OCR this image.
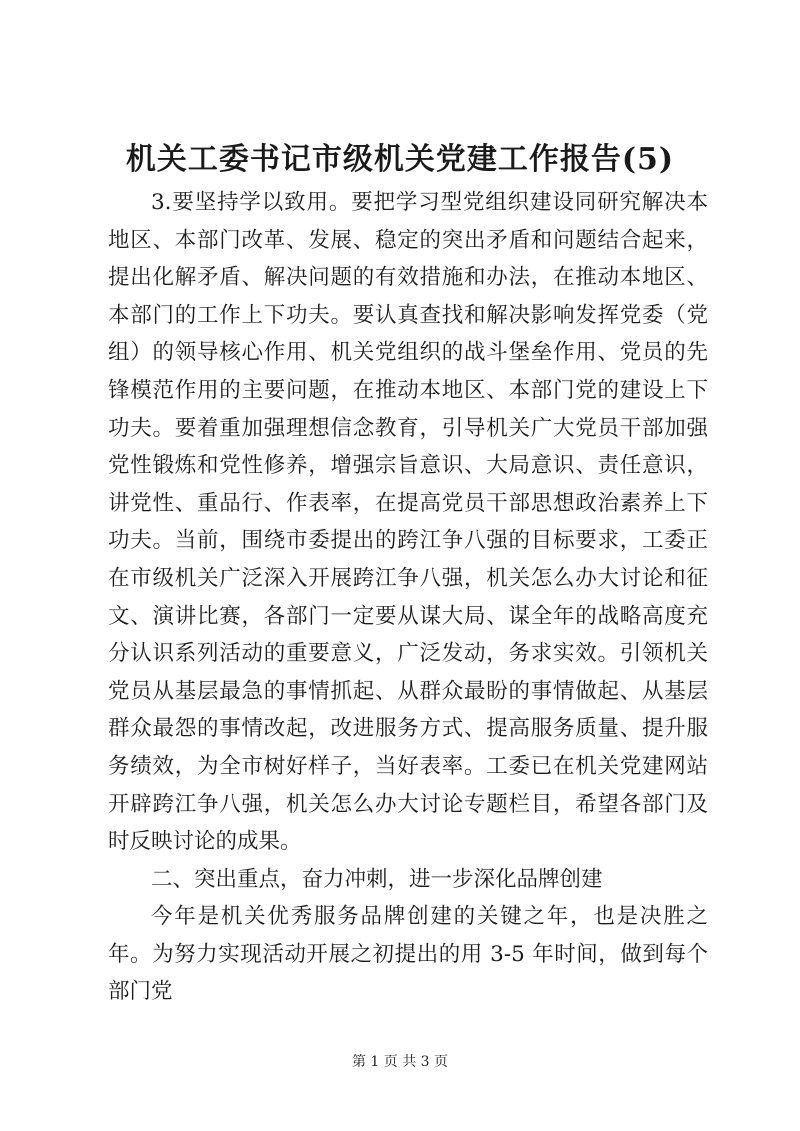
机关工委书记市级机关党建工作报告(5)

3.要坚持学以致用。要把学习型党组织建设同研究解决本地区、本部门改革、发展、稳定的突出矛盾和问题结合起来，提出化解矛盾、解决问题的有效措施和办法，在推动本地区、本部门的工作上下功夫。要认真查找和解决影响发挥党委（党组）的领导核心作用、机关党组织的战斗堡垒作用、党员的先锋模范作用的主要问题，在推动本地区、本部门党的建设上下功夫。要着重加强理想信念教育，引导机关广大党员干部加强党性锻炼和党性修养，增强宗旨意识、大局意识、责任意识，讲党性、重品行、作表率，在提高党员干部思想政治素养上下功夫。当前，围绕市委提出的跨江争八强的目标要求，工委正在市级机关广泛深入开展跨江争八强，机关怎么办大讨论和征文、演讲比赛，各部门一定要从谋大局、谋全年的战略高度充分认识系列活动的重要意义，广泛发动，务求实效。引领机关党员从基层最急的事情抓起、从群众最盼的事情做起、从基层群众最怨的事情改起，改进服务方式、提高服务质量、提升服务绩效，为全市树好样子，当好表率。工委已在机关党建网站开辟跨江争八强，机关怎么办大讨论专题栏目，希望各部门及时反映讨论的成果。

二、突出重点，奋力冲刺，进一步深化品牌创建

今年是机关优秀服务品牌创建的关键之年，也是决胜之年。为努力实现活动开展之初提出的用 3-5 年时间，做到每个部门党

第 1 页 共 3 页
